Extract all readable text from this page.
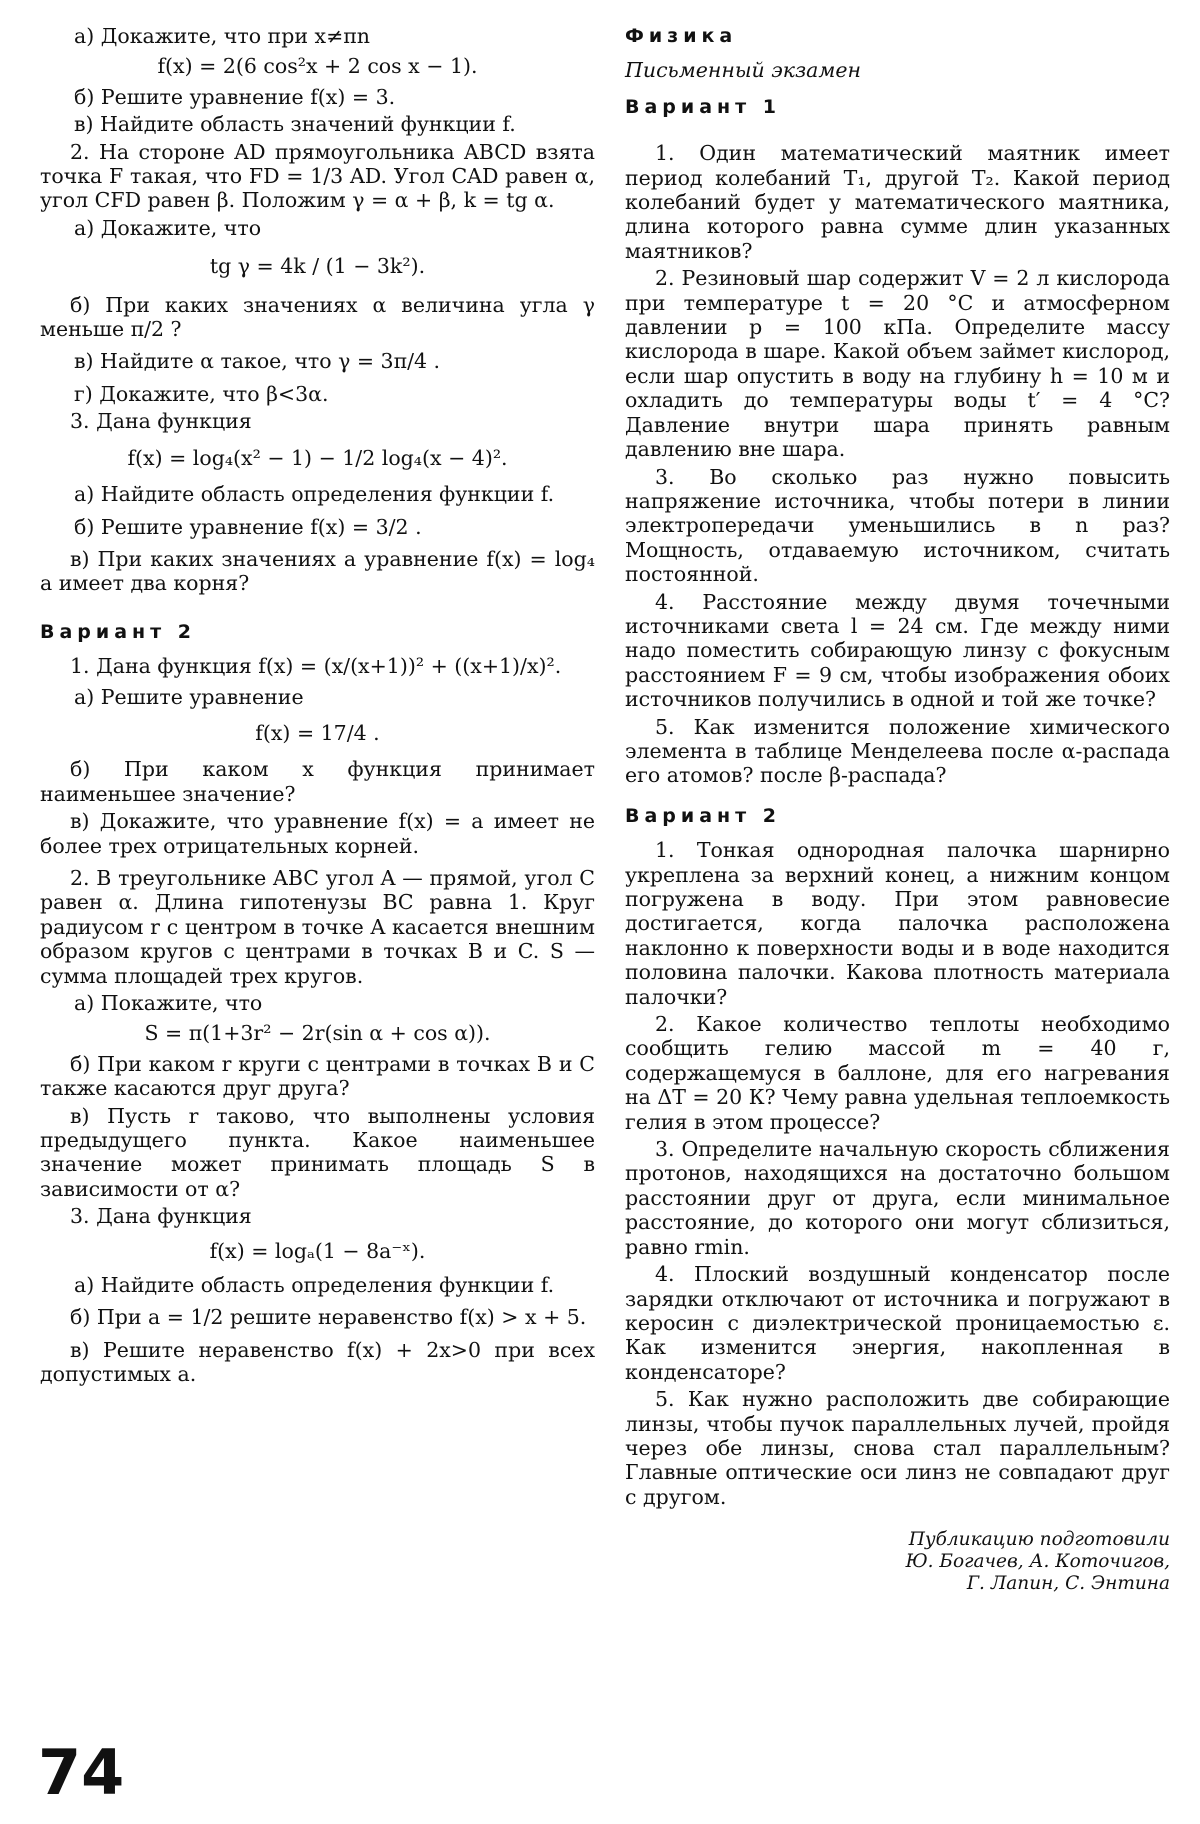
а) Докажите, что при x≠πn

f(x) = 2(6 cos²x + 2 cos x − 1).

б) Решите уравнение f(x) = 3.

в) Найдите область значений функции f.

2. На стороне AD прямоугольника ABCD взята точка F такая, что FD = 1/3 AD. Угол CAD равен α, угол CFD равен β. Положим γ = α + β, k = tg α.

а) Докажите, что

tg γ = 4k / (1 − 3k²).

б) При каких значениях α величина угла γ меньше π/2 ?

в) Найдите α такое, что γ = 3π/4 .

г) Докажите, что β<3α.

3. Дана функция

f(x) = log₄(x² − 1) − 1/2 log₄(x − 4)².

а) Найдите область определения функции f.

б) Решите уравнение f(x) = 3/2 .

в) При каких значениях a уравнение f(x) = log₄ a имеет два корня?

Вариант 2

1. Дана функция f(x) = (x/(x+1))² + ((x+1)/x)².

а) Решите уравнение

f(x) = 17/4 .

б) При каком x функция принимает наименьшее значение?

в) Докажите, что уравнение f(x) = a имеет не более трех отрицательных корней.

2. В треугольнике ABC угол A — прямой, угол C равен α. Длина гипотенузы BC равна 1. Круг радиусом r с центром в точке A касается внешним образом кругов с центрами в точках B и C. S — сумма площадей трех кругов.

а) Покажите, что

S = π(1+3r² − 2r(sin α + cos α)).

б) При каком r круги с центрами в точках B и C также касаются друг друга?

в) Пусть r таково, что выполнены условия предыдущего пункта. Какое наименьшее значение может принимать площадь S в зависимости от α?

3. Дана функция

f(x) = logₐ(1 − 8a⁻ˣ).

а) Найдите область определения функции f.

б) При a = 1/2 решите неравенство f(x) > x + 5.

в) Решите неравенство f(x) + 2x>0 при всех допустимых a.

Физика

Письменный экзамен

Вариант 1

1. Один математический маятник имеет период колебаний T₁, другой T₂. Какой период колебаний будет у математического маятника, длина которого равна сумме длин указанных маятников?

2. Резиновый шар содержит V = 2 л кислорода при температуре t = 20 °C и атмосферном давлении p = 100 кПа. Определите массу кислорода в шаре. Какой объем займет кислород, если шар опустить в воду на глубину h = 10 м и охладить до температуры воды t′ = 4 °C? Давление внутри шара принять равным давлению вне шара.

3. Во сколько раз нужно повысить напряжение источника, чтобы потери в линии электропередачи уменьшились в n раз? Мощность, отдаваемую источником, считать постоянной.

4. Расстояние между двумя точечными источниками света l = 24 см. Где между ними надо поместить собирающую линзу с фокусным расстоянием F = 9 см, чтобы изображения обоих источников получились в одной и той же точке?

5. Как изменится положение химического элемента в таблице Менделеева после α-распада его атомов? после β-распада?

Вариант 2

1. Тонкая однородная палочка шарнирно укреплена за верхний конец, а нижним концом погружена в воду. При этом равновесие достигается, когда палочка расположена наклонно к поверхности воды и в воде находится половина палочки. Какова плотность материала палочки?

2. Какое количество теплоты необходимо сообщить гелию массой m = 40 г, содержащемуся в баллоне, для его нагревания на ΔT = 20 К? Чему равна удельная теплоемкость гелия в этом процессе?

3. Определите начальную скорость сближения протонов, находящихся на достаточно большом расстоянии друг от друга, если минимальное расстояние, до которого они могут сблизиться, равно rmin.

4. Плоский воздушный конденсатор после зарядки отключают от источника и погружают в керосин с диэлектрической проницаемостью ε. Как изменится энергия, накопленная в конденсаторе?

5. Как нужно расположить две собирающие линзы, чтобы пучок параллельных лучей, пройдя через обе линзы, снова стал параллельным? Главные оптические оси линз не совпадают друг с другом.

Публикацию подготовили
Ю. Богачев, А. Коточигов,
Г. Лапин, С. Энтина
74
